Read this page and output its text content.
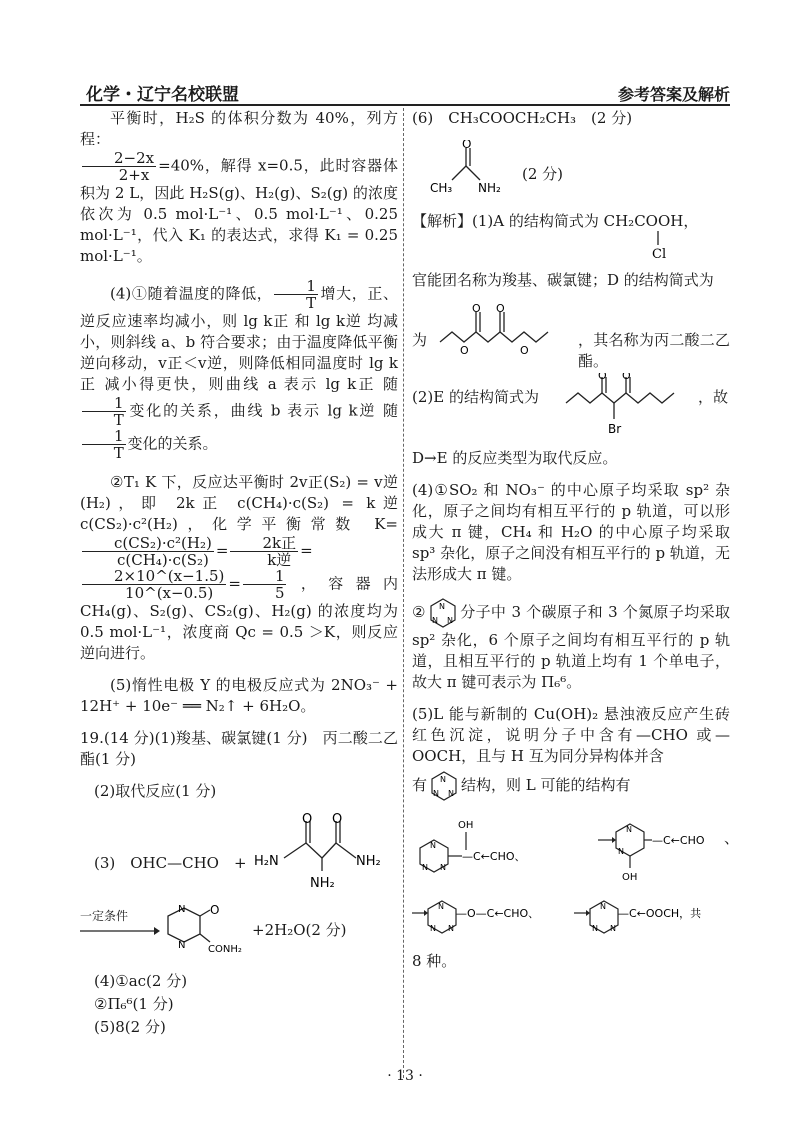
化学・辽宁名校联盟	参考答案及解析

平衡时，H₂S 的体积分数为 40%，列方程：

$\frac{2-2x}{2+x} =40\%$，解得 x=0.5，此时容器体积为 2 L，因此 H₂S(g)、H₂(g)、S₂(g) 的浓度依次为 0.5 mol·L⁻¹、0.5 mol·L⁻¹、0.25 mol·L⁻¹，代入 K₁ 的表达式，求得 K₁ = 0.25 mol·L⁻¹。

(4)①随着温度的降低， $\frac{1}{T}$ 增大，正、逆反应速率均减小，则 lg k正 和 lg k逆 均减小，则斜线 a、b 符合要求；由于温度降低平衡逆向移动，v正＜v逆，则降低相同温度时 lg k正 减小得更快，则曲线 a 表示 lg k正 随
$\frac{1}{T}$ 变化的关系，曲线 b 表示 lg k逆 随
$\frac{1}{T}$ 变化的关系。

②T₁ K 下，反应达平衡时 2v正(S₂) = v逆(H₂)，即 2k正 c(CH₄)·c(S₂) = k逆 c(CS₂)·c²(H₂)，化学平衡常数 K=
$\frac{\text{c(CS₂)·c²(H₂)}}{\text{c(CH₄)·c(S₂)}} = \frac{\text{2k正}}{\text{k逆}}$ =
$\frac{2\times 10\^{}(x-1.5)}{10\^{}(x-0.5)} = \frac{1}{5}$ ，容器内 CH₄(g)、S₂(g)、CS₂(g)、H₂(g) 的浓度均为 0.5 mol·L⁻¹，浓度商 Qc = 0.5 ＞K，则反应逆向进行。

(5)惰性电极 Y 的电极反应式为 2NO₃⁻ + 12H⁺ + 10e⁻ ══ N₂↑ + 6H₂O。

19.(14 分)(1)羧基、碳氯键(1 分)　丙二酸二乙酯(1 分)

(2)取代反应(1 分)

(3)　OHC—CHO　+
O O
H₂N	NH₂
NH₂
一定条件	N
N
O
CONH₂
+2H₂O(2 分)

(4)①ac(2 分)

②Π₆⁶(1 分)

(5)8(2 分)

(6)　CH₃COOCH₂CH₃　(2 分)

O
CH₃ NH₂
(2 分)
【解析】(1)A 的结构简式为 CH₂COOH，
Cl

官能团名称为羧基、碳氯键；D 的结构简式为

为
O O
O	O
，其名称为丙二酸二乙酯。
(2)E 的结构简式为
O O
Br
，故

D→E 的反应类型为取代反应。

(4)①SO₂ 和 NO₃⁻ 的中心原子均采取 sp² 杂化，原子之间均有相互平行的 p 轨道，可以形成大 π 键，CH₄ 和 H₂O 的中心原子均采取 sp³ 杂化，原子之间没有相互平行的 p 轨道，无法形成大 π 键。

② N
N
N 分子中 3 个碳原子和 3 个氮原子均采取 sp² 杂化，6 个原子之间均有相互平行的 p 轨道，且相互平行的 p 轨道上均有 1 个单电子，故大 π 键可表示为 Π₆⁶。

(5)L 能与新制的 Cu(OH)₂ 悬浊液反应产生砖红色沉淀，说明分子中含有—CHO 或—OOCH，且与 H 互为同分异构体并含

有 N
N
N 结构，则 L 可能的结构有
N
N
N
OH
—C←CHO、
N
N
—C←CHO
OH
、
N
N
N
—O—C←CHO、
N
N
N
—C←OOCH，共

8 种。

· 13 ·
